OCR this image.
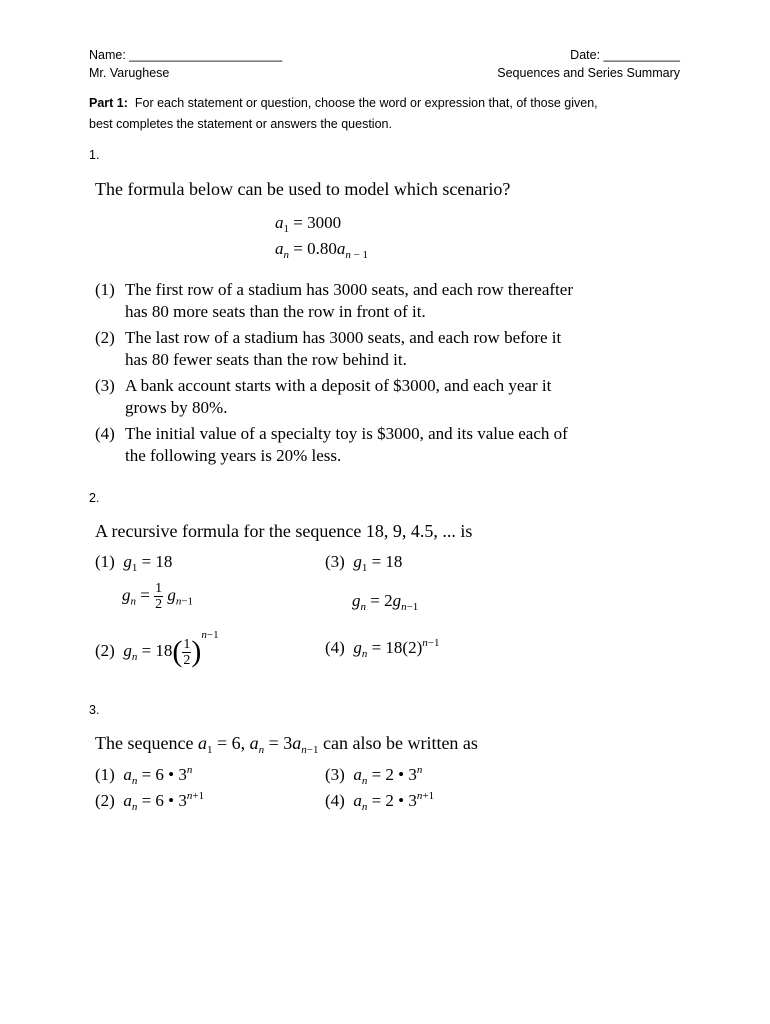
Name: ______________________
Mr. Varughese
Date: ___________
Sequences and Series Summary
Part 1: For each statement or question, choose the word or expression that, of those given,
best completes the statement or answers the question.
1.
The formula below can be used to model which scenario?
$a_1 = 3000$
$a_n = 0.80a_{n - 1}$
(1) The first row of a stadium has 3000 seats, and each row thereafter
has 80 more seats than the row in front of it.
(2) The last row of a stadium has 3000 seats, and each row before it
has 80 fewer seats than the row behind it.
(3) A bank account starts with a deposit of $3000, and each year it
grows by 80%.
(4) The initial value of a specialty toy is $3000, and its value each of
the following years is 20% less.
2.
A recursive formula for the sequence 18, 9, 4.5, ... is
(1) $g_1 = 18$
$g_n = \frac{1}{2} g_{n-1}$
(3) $g_1 = 18$
$g_n = 2g_{n-1}$
(2) $g_n = 18( \frac{1}{2} )^{n-1}$
(4) $g_n = 18(2)^{n-1}$
3.
The sequence $a_1 = 6$, $a_n = 3a_{n-1}$ can also be written as
(1) $a_n = 6$ • 3$^n$
(2) $a_n = 6$ • $3^{n+1}$
(3) $a_n = 2$ • 3$^n$
(4) $a_n = 2$ • $3^{n+1}$
